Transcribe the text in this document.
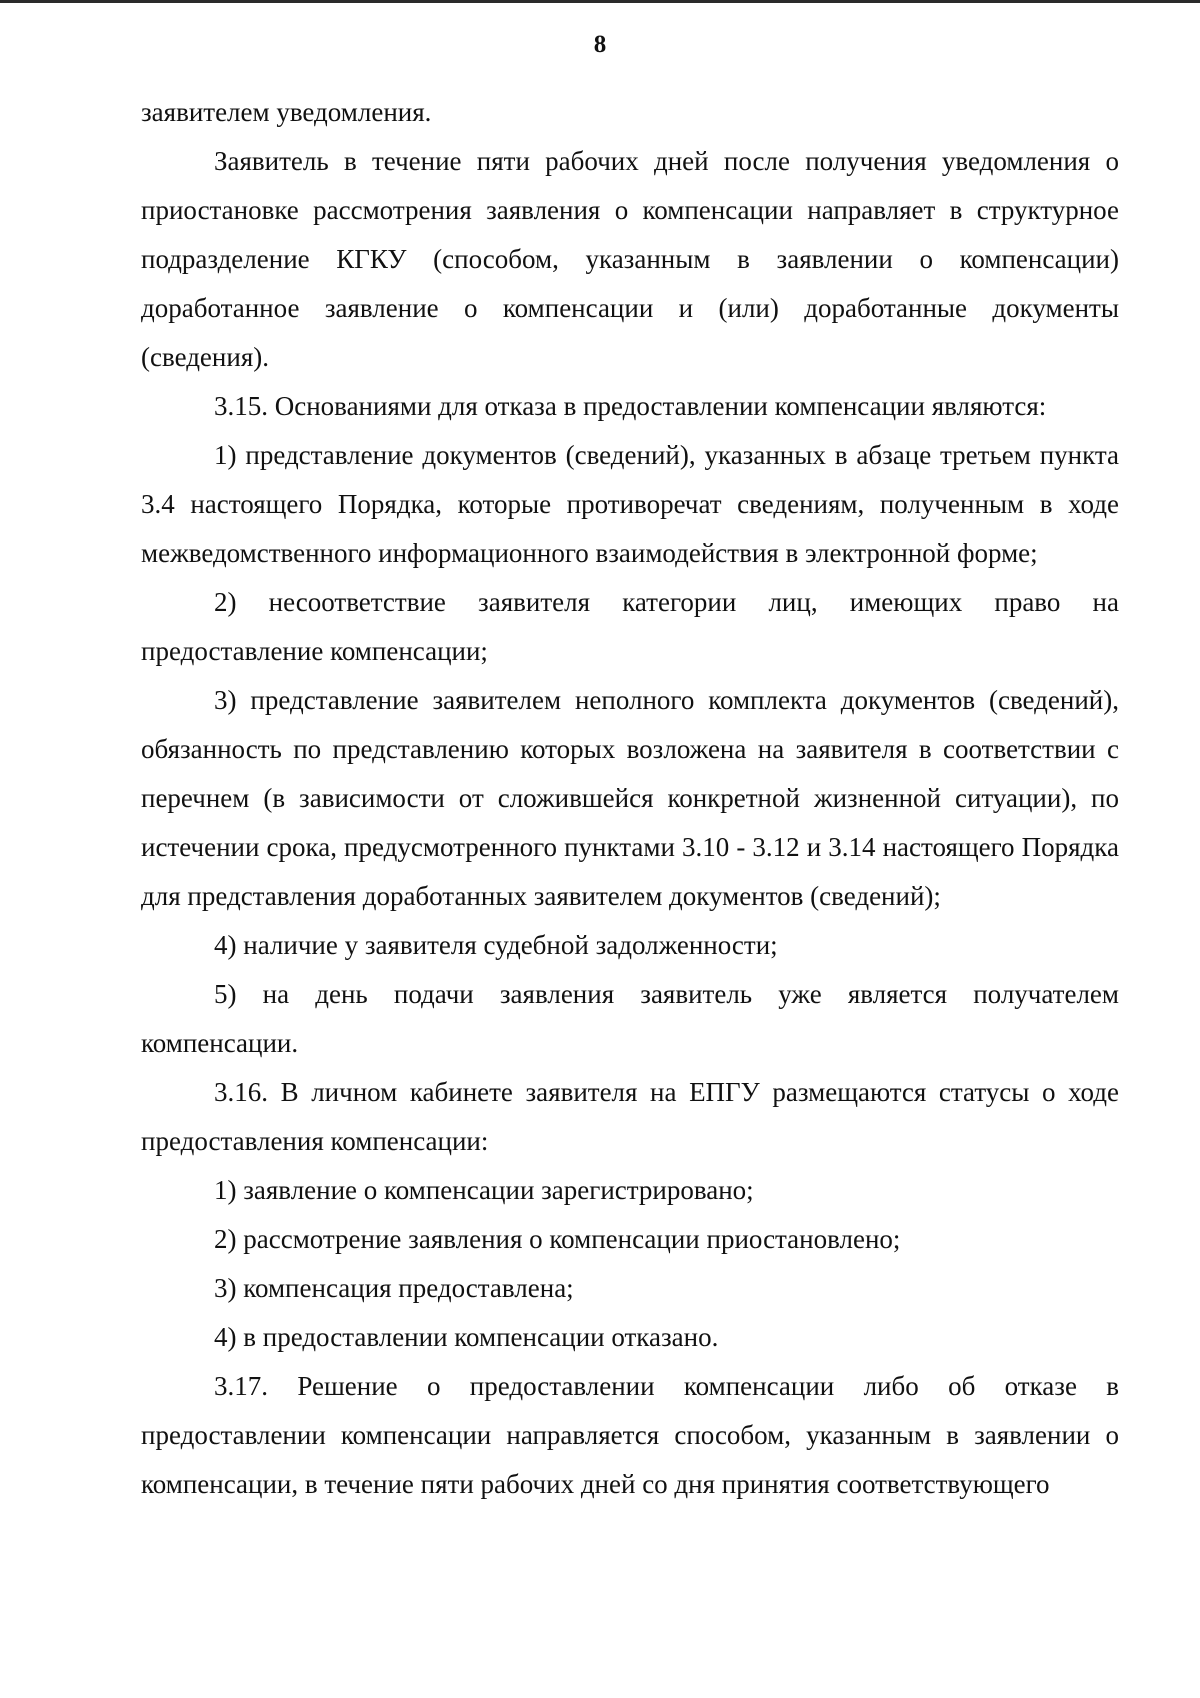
8

заявителем уведомления.

Заявитель в течение пяти рабочих дней после получения уведомления о приостановке рассмотрения заявления о компенсации направляет в структурное подразделение КГКУ (способом, указанным в заявлении о компенсации) доработанное заявление о компенсации и (или) доработанные документы (сведения).

3.15. Основаниями для отказа в предоставлении компенсации являются:

1) представление документов (сведений), указанных в абзаце третьем пункта 3.4 настоящего Порядка, которые противоречат сведениям, полученным в ходе межведомственного информационного взаимодействия в электронной форме;

2) несоответствие заявителя категории лиц, имеющих право на предоставление компенсации;

3) представление заявителем неполного комплекта документов (сведений), обязанность по представлению которых возложена на заявителя в соответствии с перечнем (в зависимости от сложившейся конкретной жизненной ситуации), по истечении срока, предусмотренного пунктами 3.10 - 3.12 и 3.14 настоящего Порядка для представления доработанных заявителем документов (сведений);

4) наличие у заявителя судебной задолженности;

5) на день подачи заявления заявитель уже является получателем компенсации.

3.16. В личном кабинете заявителя на ЕПГУ размещаются статусы о ходе предоставления компенсации:

1) заявление о компенсации зарегистрировано;

2) рассмотрение заявления о компенсации приостановлено;

3) компенсация предоставлена;

4) в предоставлении компенсации отказано.

3.17. Решение о предоставлении компенсации либо об отказе в предоставлении компенсации направляется способом, указанным в заявлении о компенсации, в течение пяти рабочих дней со дня принятия соответствующего
